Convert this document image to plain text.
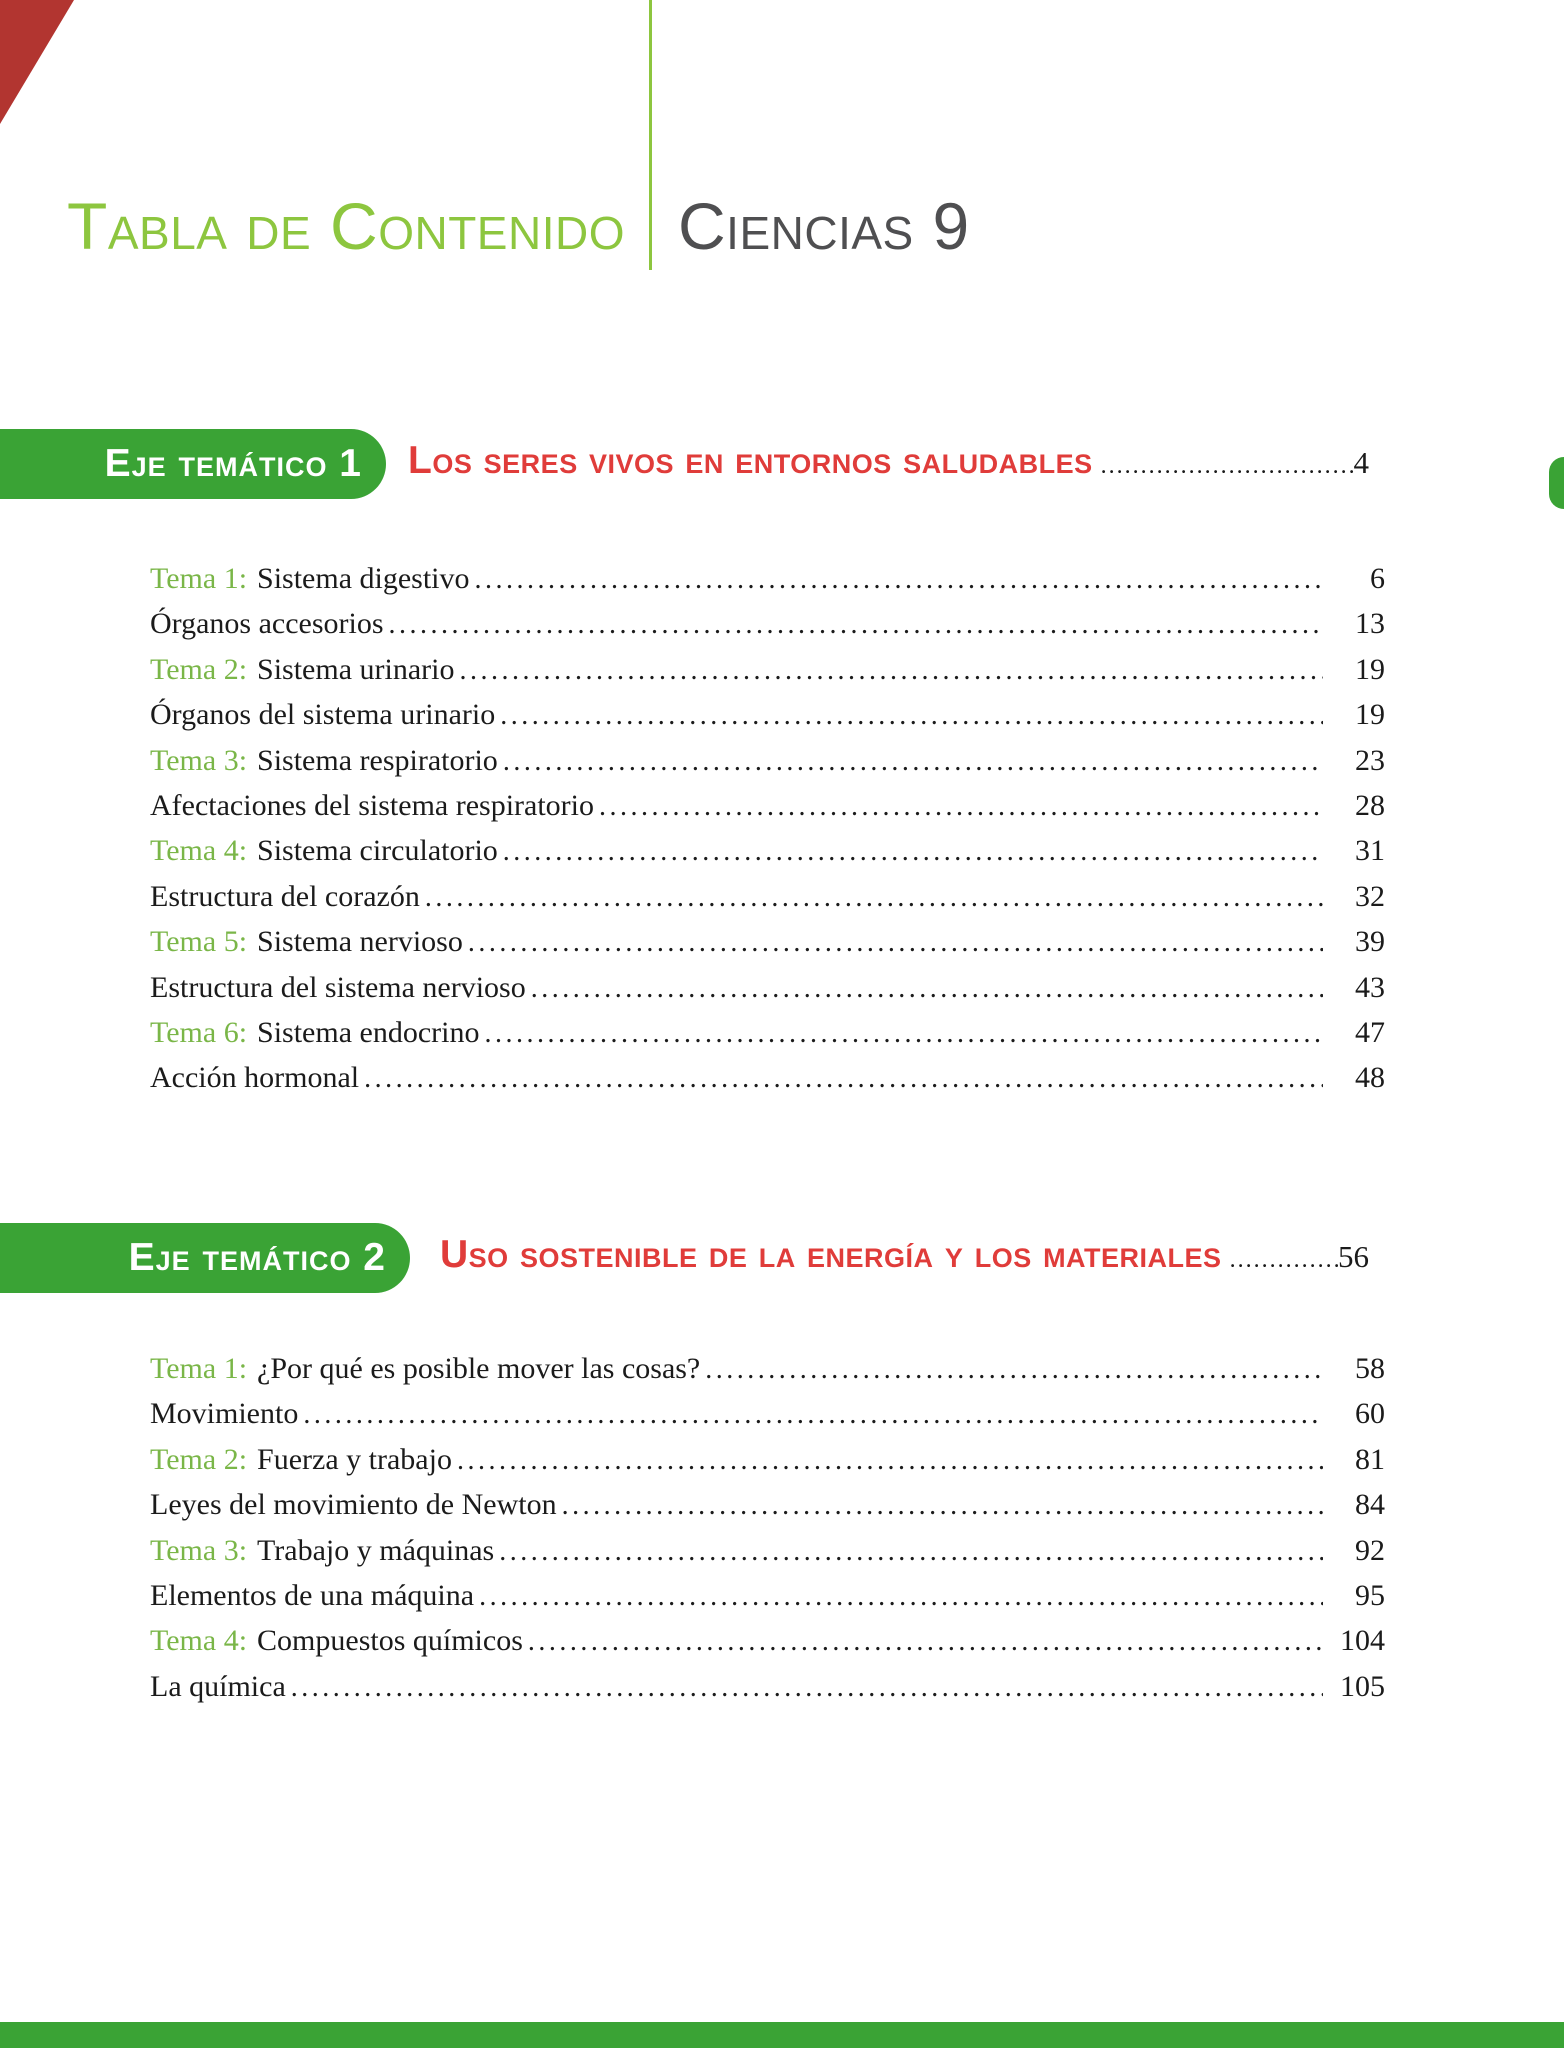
Tabla de Contenido Ciencias 9
Eje temático 1 Los seres vivos en entornos saludables .....	4
Tema 1: Sistema digestivo .....	6
Órganos accesorios .....	13
Tema 2: Sistema urinario .....	19
Órganos del sistema urinario .....	19
Tema 3: Sistema respiratorio .....	23
Afectaciones del sistema respiratorio .....	28
Tema 4: Sistema circulatorio .....	31
Estructura del corazón .....	32
Tema 5: Sistema nervioso .....	39
Estructura del sistema nervioso .....	43
Tema 6: Sistema endocrino .....	47
Acción hormonal .....	48
Eje temático 2 Uso sostenible de la energía y los materiales .....	56
Tema 1: ¿Por qué es posible mover las cosas? .....	58
Movimiento .....	60
Tema 2: Fuerza y trabajo .....	81
Leyes del movimiento de Newton .....	84
Tema 3: Trabajo y máquinas .....	92
Elementos de una máquina .....	95
Tema 4: Compuestos químicos .....	104
La química .....	105
